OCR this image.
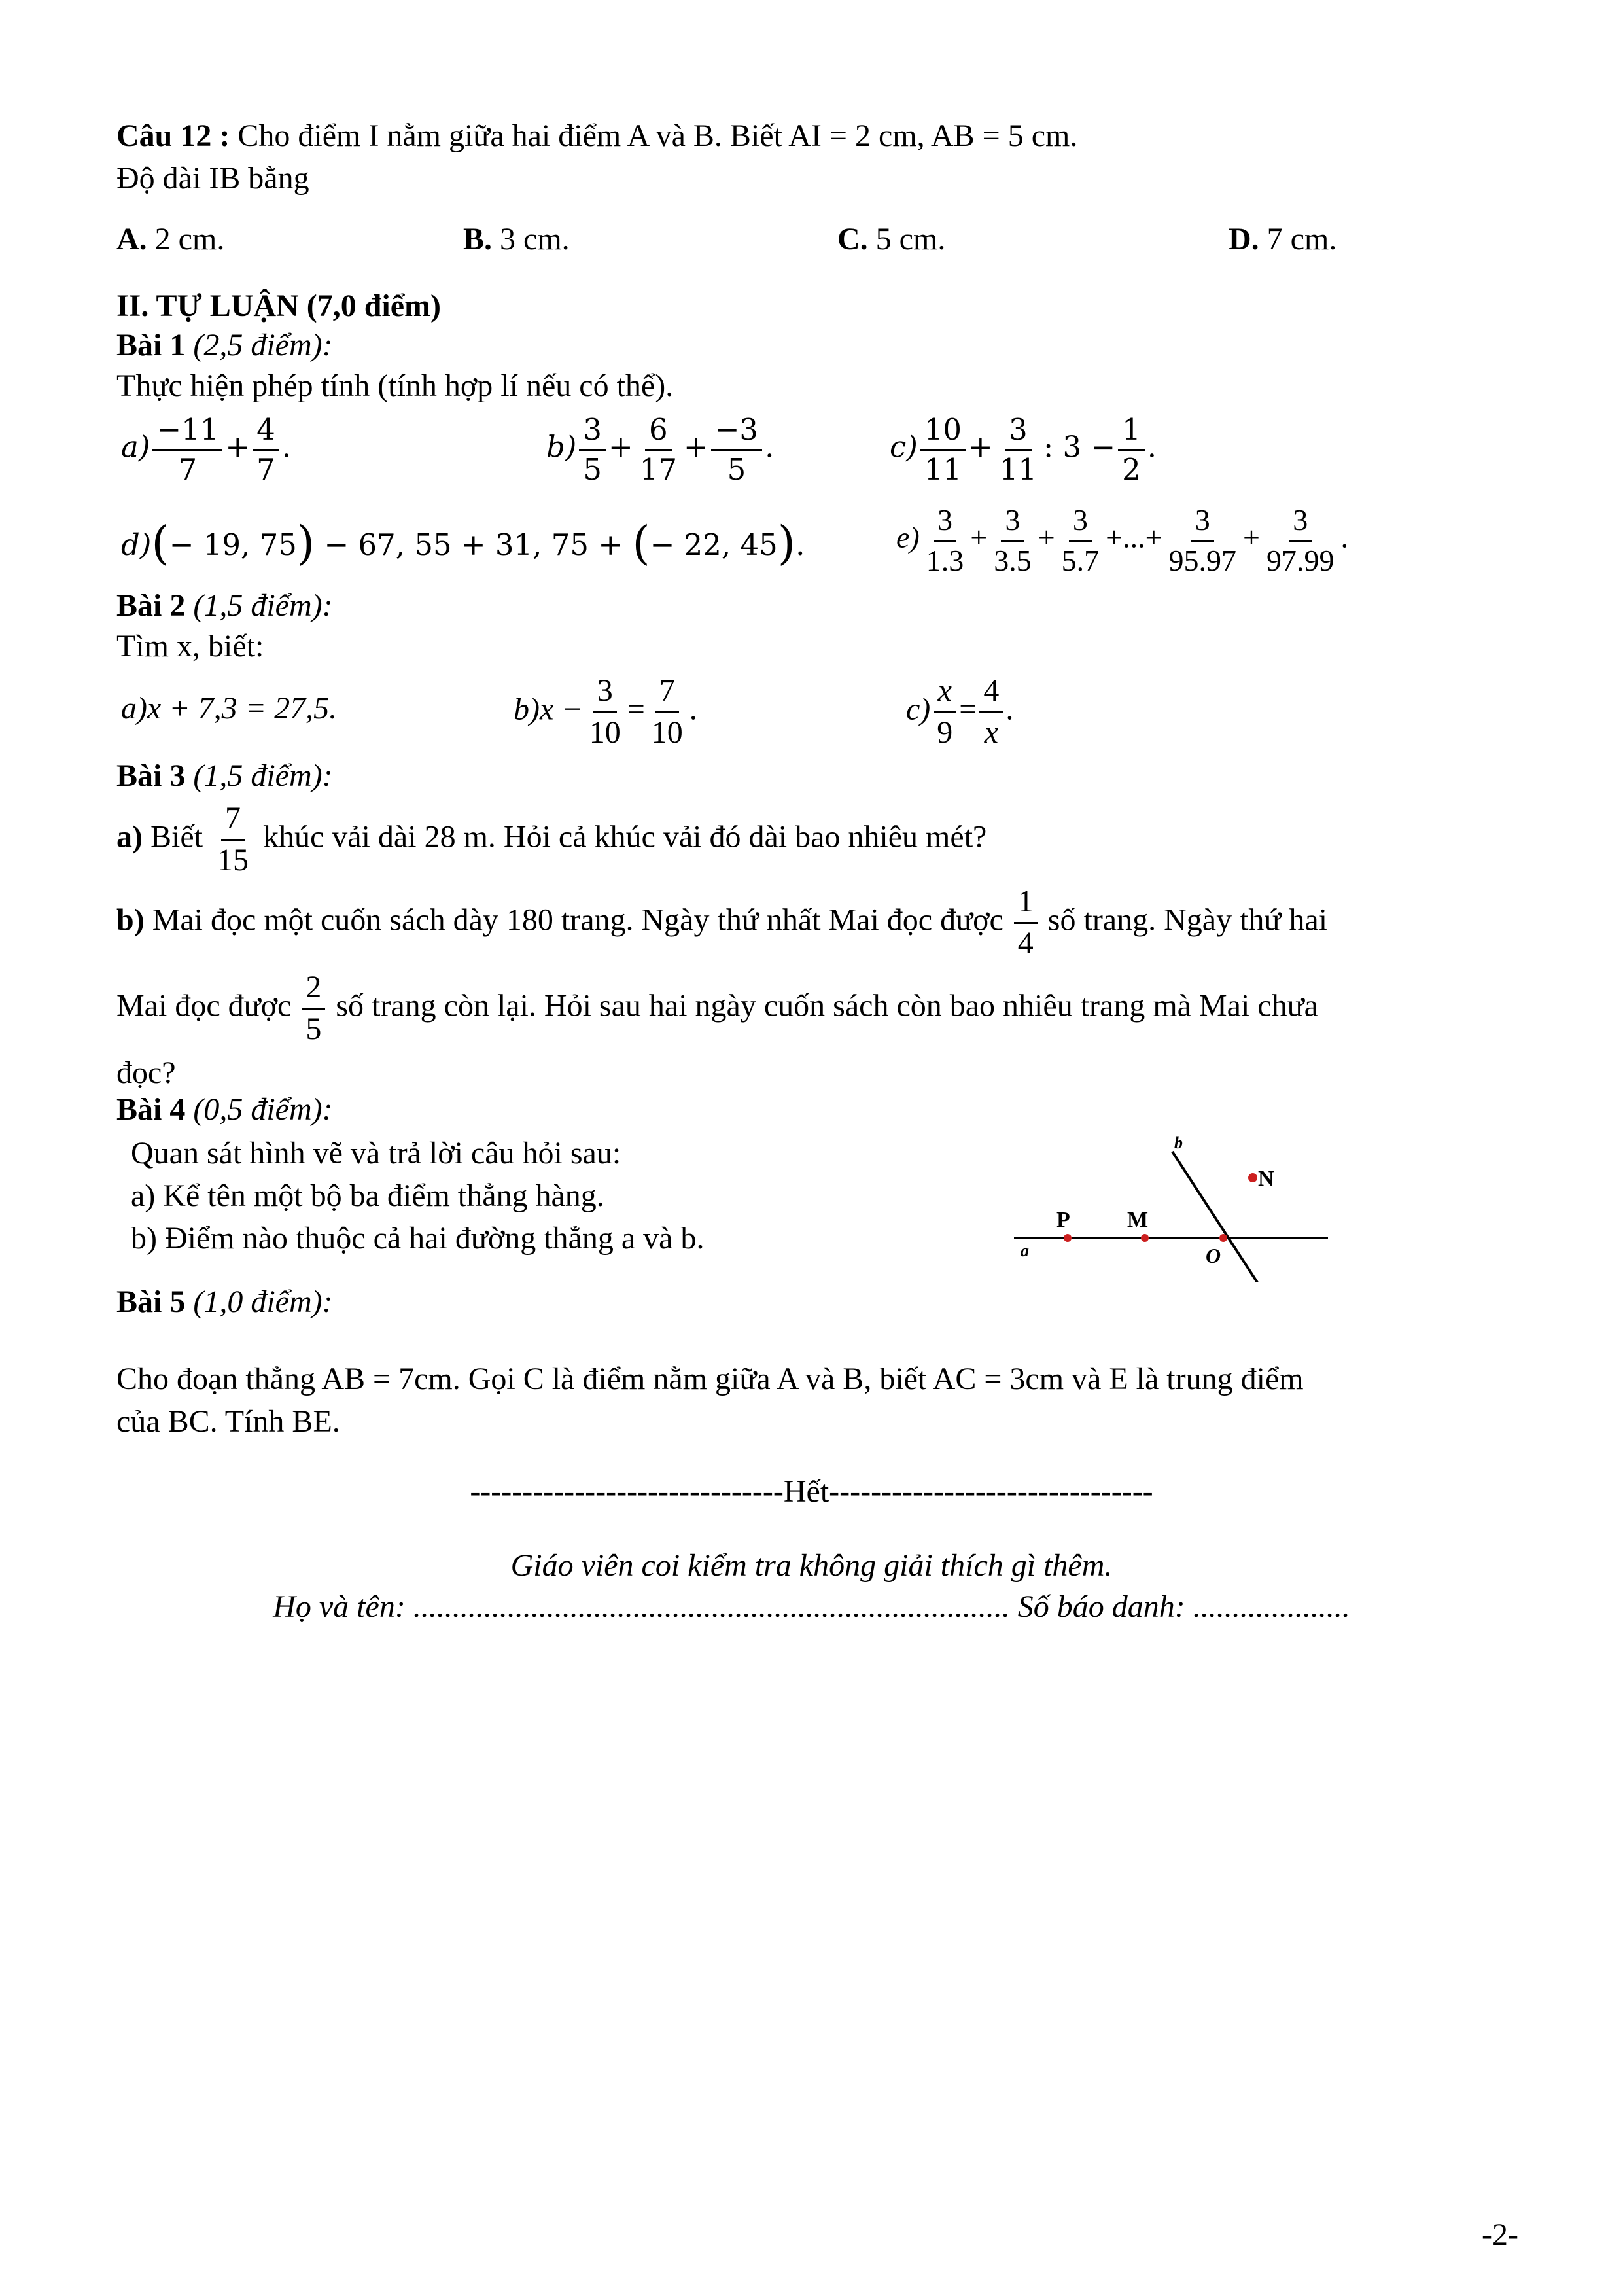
Câu 12 : Cho điểm I nằm giữa hai điểm A và B. Biết AI = 2 cm, AB = 5 cm.
Độ dài IB bằng
A. 2 cm.	B. 3 cm.	C. 5 cm.	D. 7 cm.
II. TỰ LUẬN (7,0 điểm)
Bài 1 (2,5 điểm):
Thực hiện phép tính (tính hợp lí nếu có thể).
$a) \frac{-11}{7} + \frac{4}{7}$ .	$b) \frac{3}{5} + \frac{6}{17} + \frac{-3}{5}$ .	$c) \frac{10}{11} + \frac{3}{11}$ : $3 - \frac{1}{2}$ .
d)(− 19, 75) − 67, 55 + 31, 75 + (− 22, 45).	$e) \frac{3}{1.3} + \frac{3}{3.5} + \frac{3}{5.7}$ +...+ $\frac{3}{95.97} + \frac{3}{97.99}$ .
Bài 2 (1,5 điểm):
Tìm x, biết:
a)x + 7,3 = 27,5.	$b)x - \frac{3}{10} = \frac{7}{10}$ .	$c) \frac{x}{9} = \frac{4}{x}$ .
Bài 3 (1,5 điểm):
a) Biết $\frac{7}{15}$ khúc vải dài 28 m. Hỏi cả khúc vải đó dài bao nhiêu mét?
b) Mai đọc một cuốn sách dày 180 trang. Ngày thứ nhất Mai đọc được $\frac{1}{4}$ số trang. Ngày thứ hai
Mai đọc được $\frac{2}{5}$ số trang còn lại. Hỏi sau hai ngày cuốn sách còn bao nhiêu trang mà Mai chưa
đọc?
Bài 4 (0,5 điểm):
Quan sát hình vẽ và trả lời câu hỏi sau:
a) Kể tên một bộ ba điểm thẳng hàng.
b) Điểm nào thuộc cả hai đường thẳng a và b.	a
b
P	M
O
N
Bài 5 (1,0 điểm):
Cho đoạn thẳng AB = 7cm. Gọi C là điểm nằm giữa A và B, biết AC = 3cm và E là trung điểm
của BC. Tính BE.
------------------------------Hết-------------------------------
Giáo viên coi kiểm tra không giải thích gì thêm.
Họ và tên: ............................................................................ Số báo danh: ....................
-2-
